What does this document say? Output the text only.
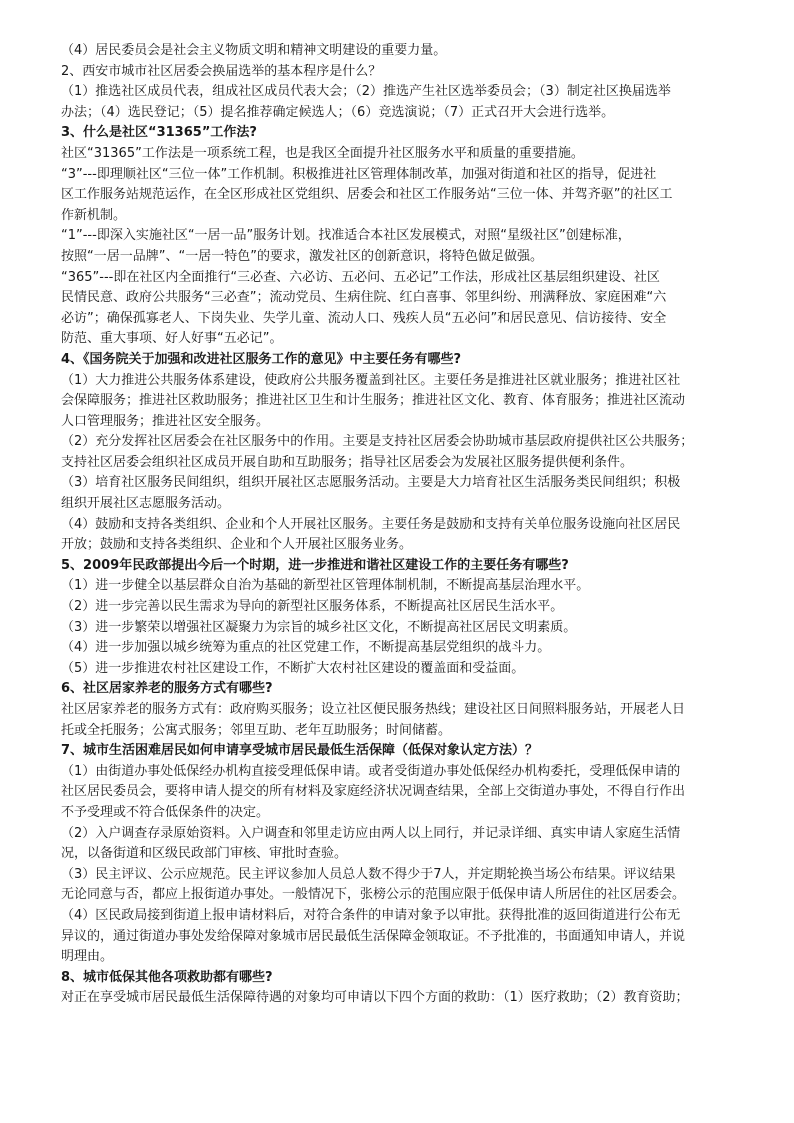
（4）居民委员会是社会主义物质文明和精神文明建设的重要力量。

2、西安市城市社区居委会换届选举的基本程序是什么？

（1）推选社区成员代表，组成社区成员代表大会；（2）推选产生社区选举委员会；（3）制定社区换届选举

办法；（4）选民登记；（5）提名推荐确定候选人；（6）竞选演说；（7）正式召开大会进行选举。

3、什么是社区“31365”工作法?

社区“31365”工作法是一项系统工程，也是我区全面提升社区服务水平和质量的重要措施。

“3”---即理顺社区“三位一体”工作机制。积极推进社区管理体制改革，加强对街道和社区的指导，促进社

区工作服务站规范运作，在全区形成社区党组织、居委会和社区工作服务站“三位一体、并驾齐驱”的社区工

作新机制。

“1”---即深入实施社区“一居一品”服务计划。找准适合本社区发展模式，对照“星级社区”创建标准，

按照“一居一品牌”、“一居一特色”的要求，激发社区的创新意识，将特色做足做强。

“365”---即在社区内全面推行“三必查、六必访、五必问、五必记”工作法，形成社区基层组织建设、社区

民情民意、政府公共服务“三必查”；流动党员、生病住院、红白喜事、邻里纠纷、刑满释放、家庭困难“六

必访”；确保孤寡老人、下岗失业、失学儿童、流动人口、残疾人员“五必问”和居民意见、信访接待、安全

防范、重大事项、好人好事“五必记”。

4、《国务院关于加强和改进社区服务工作的意见》中主要任务有哪些?

（1）大力推进公共服务体系建设，使政府公共服务覆盖到社区。主要任务是推进社区就业服务；推进社区社

会保障服务；推进社区救助服务；推进社区卫生和计生服务；推进社区文化、教育、体育服务；推进社区流动

人口管理服务；推进社区安全服务。

（2）充分发挥社区居委会在社区服务中的作用。主要是支持社区居委会协助城市基层政府提供社区公共服务；

支持社区居委会组织社区成员开展自助和互助服务；指导社区居委会为发展社区服务提供便利条件。

（3）培育社区服务民间组织，组织开展社区志愿服务活动。主要是大力培育社区生活服务类民间组织；积极

组织开展社区志愿服务活动。

（4）鼓励和支持各类组织、企业和个人开展社区服务。主要任务是鼓励和支持有关单位服务设施向社区居民

开放；鼓励和支持各类组织、企业和个人开展社区服务业务。

5、2009年民政部提出今后一个时期，进一步推进和谐社区建设工作的主要任务有哪些?

（1）进一步健全以基层群众自治为基础的新型社区管理体制机制，不断提高基层治理水平。

（2）进一步完善以民生需求为导向的新型社区服务体系，不断提高社区居民生活水平。

（3）进一步繁荣以增强社区凝聚力为宗旨的城乡社区文化，不断提高社区居民文明素质。

（4）进一步加强以城乡统筹为重点的社区党建工作，不断提高基层党组织的战斗力。

（5）进一步推进农村社区建设工作，不断扩大农村社区建设的覆盖面和受益面。

6、社区居家养老的服务方式有哪些?

社区居家养老的服务方式有：政府购买服务；设立社区便民服务热线；建设社区日间照料服务站，开展老人日

托或全托服务；公寓式服务；邻里互助、老年互助服务；时间储蓄。

7、城市生活困难居民如何申请享受城市居民最低生活保障（低保对象认定方法）？

（1）由街道办事处低保经办机构直接受理低保申请。或者受街道办事处低保经办机构委托，受理低保申请的

社区居民委员会，要将申请人提交的所有材料及家庭经济状况调查结果，全部上交街道办事处，不得自行作出

不予受理或不符合低保条件的决定。

（2）入户调查存录原始资料。入户调查和邻里走访应由两人以上同行，并记录详细、真实申请人家庭生活情

况，以备街道和区级民政部门审核、审批时查验。

（3）民主评议、公示应规范。民主评议参加人员总人数不得少于7人，并定期轮换当场公布结果。评议结果

无论同意与否，都应上报街道办事处。一般情况下，张榜公示的范围应限于低保申请人所居住的社区居委会。

（4）区民政局接到街道上报申请材料后，对符合条件的申请对象予以审批。获得批准的返回街道进行公布无

异议的，通过街道办事处发给保障对象城市居民最低生活保障金领取证。不予批准的，书面通知申请人，并说

明理由。

8、城市低保其他各项救助都有哪些?

对正在享受城市居民最低生活保障待遇的对象均可申请以下四个方面的救助：（1）医疗救助；（2）教育资助；
